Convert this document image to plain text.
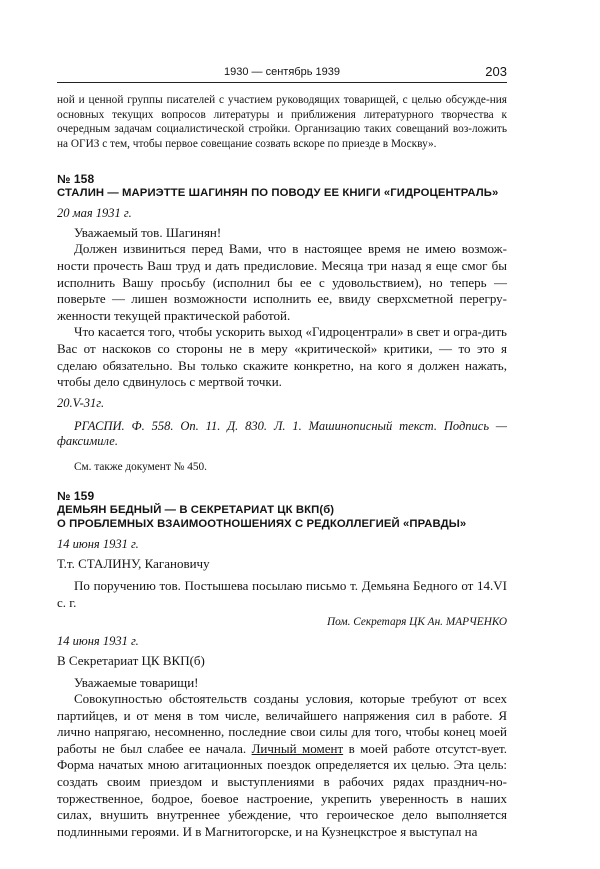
1930 — сентябрь 1939	203

ной и ценной группы писателей с участием руководящих товарищей, с целью обсужде-ния основных текущих вопросов литературы и приближения литературного творчества к очередным задачам социалистической стройки. Организацию таких совещаний воз-ложить на ОГИЗ с тем, чтобы первое совещание созвать вскоре по приезде в Москву».

№ 158

СТАЛИН — МАРИЭТТЕ ШАГИНЯН ПО ПОВОДУ ЕЕ КНИГИ «ГИДРОЦЕНТРАЛЬ»

20 мая 1931 г.

Уважаемый тов. Шагинян!

Должен извиниться перед Вами, что в настоящее время не имею возмож-ности прочесть Ваш труд и дать предисловие. Месяца три назад я еще смог бы исполнить Вашу просьбу (исполнил бы ее с удовольствием), но теперь — поверьте — лишен возможности исполнить ее, ввиду сверхсметной перегру-женности текущей практической работой.

Что касается того, чтобы ускорить выход «Гидроцентрали» в свет и огра-дить Вас от наскоков со стороны не в меру «критической» критики, — то это я сделаю обязательно. Вы только скажите конкретно, на кого я должен нажать, чтобы дело сдвинулось с мертвой точки.

20.V-31г.

РГАСПИ. Ф. 558. Оп. 11. Д. 830. Л. 1. Машинописный текст. Подпись — факсимиле.

См. также документ № 450.

№ 159

ДЕМЬЯН БЕДНЫЙ — В СЕКРЕТАРИАТ ЦК ВКП(б)

О ПРОБЛЕМНЫХ ВЗАИМООТНОШЕНИЯХ С РЕДКОЛЛЕГИЕЙ «ПРАВДЫ»

14 июня 1931 г.

Т.т. СТАЛИНУ, Кагановичу

По поручению тов. Постышева посылаю письмо т. Демьяна Бедного от 14.VI с. г.

Пом. Секретаря ЦК Ан. МАРЧЕНКО

14 июня 1931 г.

В Секретариат ЦК ВКП(б)

Уважаемые товарищи!

Совокупностью обстоятельств созданы условия, которые требуют от всех партийцев, и от меня в том числе, величайшего напряжения сил в работе. Я лично напрягаю, несомненно, последние свои силы для того, чтобы конец моей работы не был слабее ее начала. Личный момент в моей работе отсутст-вует. Форма начатых мною агитационных поездок определяется их целью. Эта цель: создать своим приездом и выступлениями в рабочих рядах празднич-но-торжественное, бодрое, боевое настроение, укрепить уверенность в наших силах, внушить внутреннее убеждение, что героическое дело выполняется подлинными героями. И в Магнитогорске, и на Кузнецкстрое я выступал на
